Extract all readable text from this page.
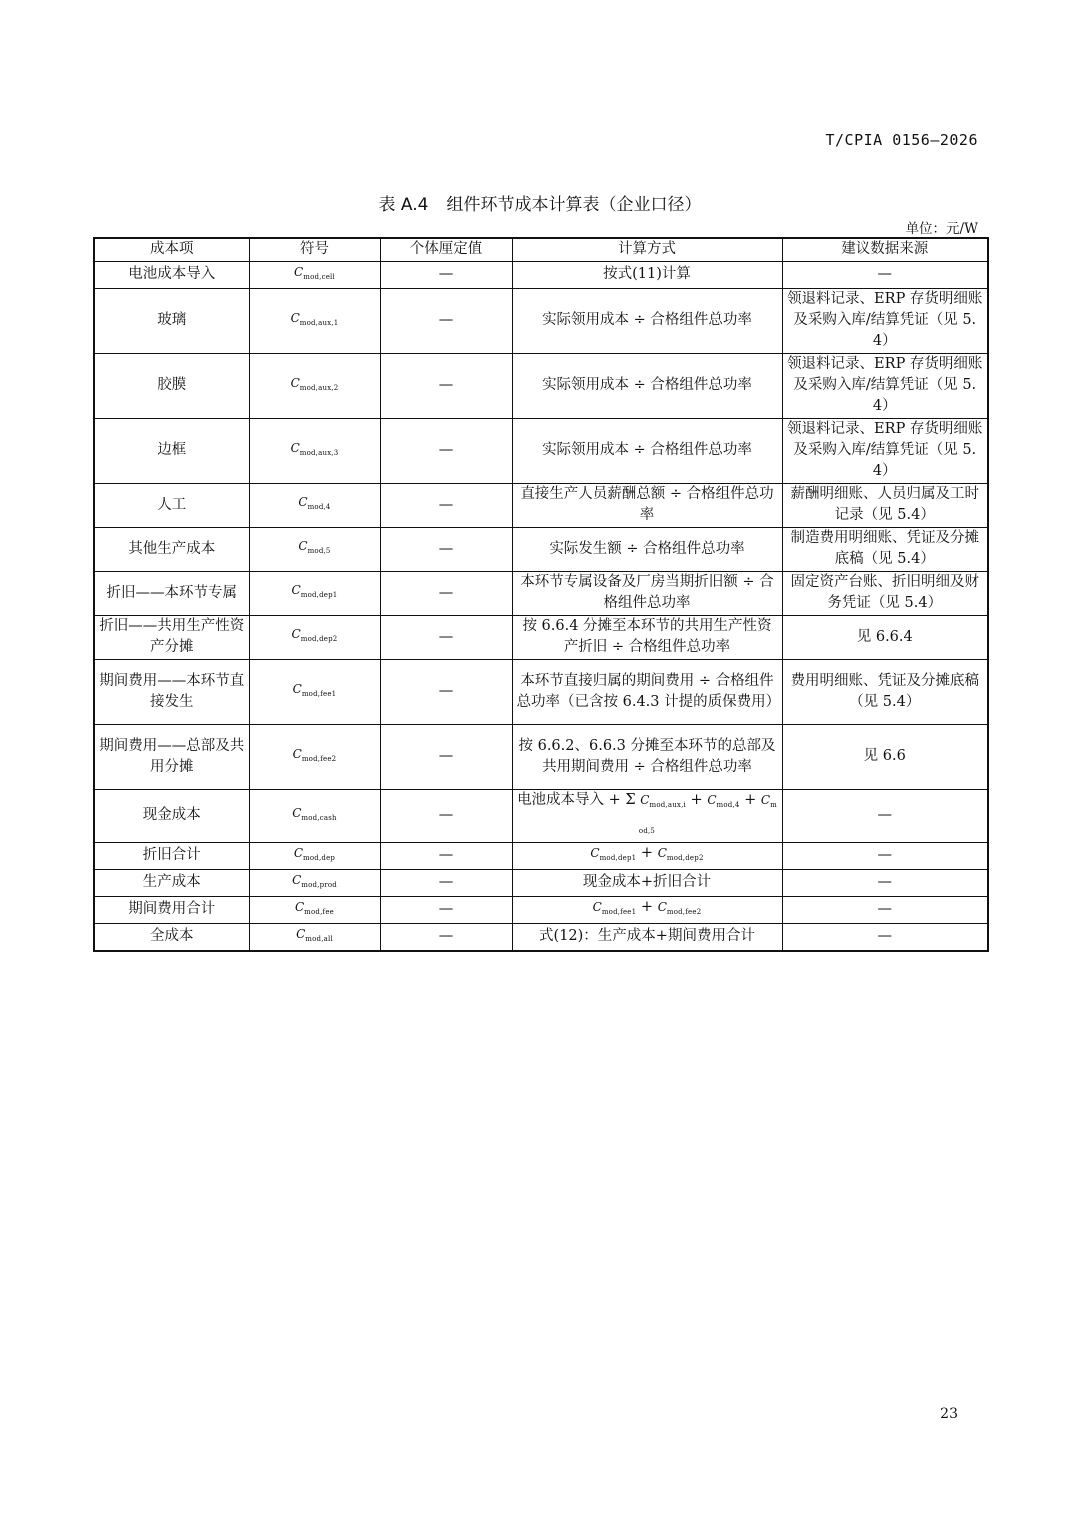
T/CPIA 0156—2026
表 A.4 组件环节成本计算表（企业口径）
单位：元/W
成本项	符号	个体厘定值	计算方式	建议数据来源
电池成本导入	$C_{mod,cell}$	—	按式(11)计算	—
玻璃	$C_{mod,aux,1}$	—	实际领用成本 ÷ 合格组件总功率	领退料记录、ERP 存货明细账及采购入库/结算凭证（见 5.4）
胶膜	$C_{mod,aux,2}$	—	实际领用成本 ÷ 合格组件总功率	领退料记录、ERP 存货明细账及采购入库/结算凭证（见 5.4）
边框	$C_{mod,aux,3}$	—	实际领用成本 ÷ 合格组件总功率	领退料记录、ERP 存货明细账及采购入库/结算凭证（见 5.4）
人工	$C_{mod,4}$	—	直接生产人员薪酬总额 ÷ 合格组件总功率	薪酬明细账、人员归属及工时记录（见 5.4）
其他生产成本	$C_{mod,5}$	—	实际发生额 ÷ 合格组件总功率	制造费用明细账、凭证及分摊底稿（见 5.4）
折旧——本环节专属	$C_{mod,dep1}$	—	本环节专属设备及厂房当期折旧额 ÷ 合格组件总功率	固定资产台账、折旧明细及财务凭证（见 5.4）
折旧——共用生产性资产分摊	$C_{mod,dep2}$	—	按 6.6.4 分摊至本环节的共用生产性资产折旧 ÷ 合格组件总功率	见 6.6.4
期间费用——本环节直接发生	$C_{mod,fee1}$	—	本环节直接归属的期间费用 ÷ 合格组件总功率（已含按 6.4.3 计提的质保费用）	费用明细账、凭证及分摊底稿（见 5.4）
期间费用——总部及共用分摊	$C_{mod,fee2}$	—	按 6.6.2、6.6.3 分摊至本环节的总部及共用期间费用 ÷ 合格组件总功率	见 6.6
现金成本	$C_{mod,cash}$	—	电池成本导入 + Σ $C_{mod,aux,i} + C_{mod,4} + C_{mod,5}$	—
折旧合计	$C_{mod,dep}$	—	$C_{mod,dep1} + C_{mod,dep2}$	—
生产成本	$C_{mod,prod}$	—	现金成本+折旧合计	—
期间费用合计	$C_{mod,fee}$	—	$C_{mod,fee1} + C_{mod,fee2}$	—
全成本	$C_{mod,all}$	—	式(12)：生产成本+期间费用合计	—
23
